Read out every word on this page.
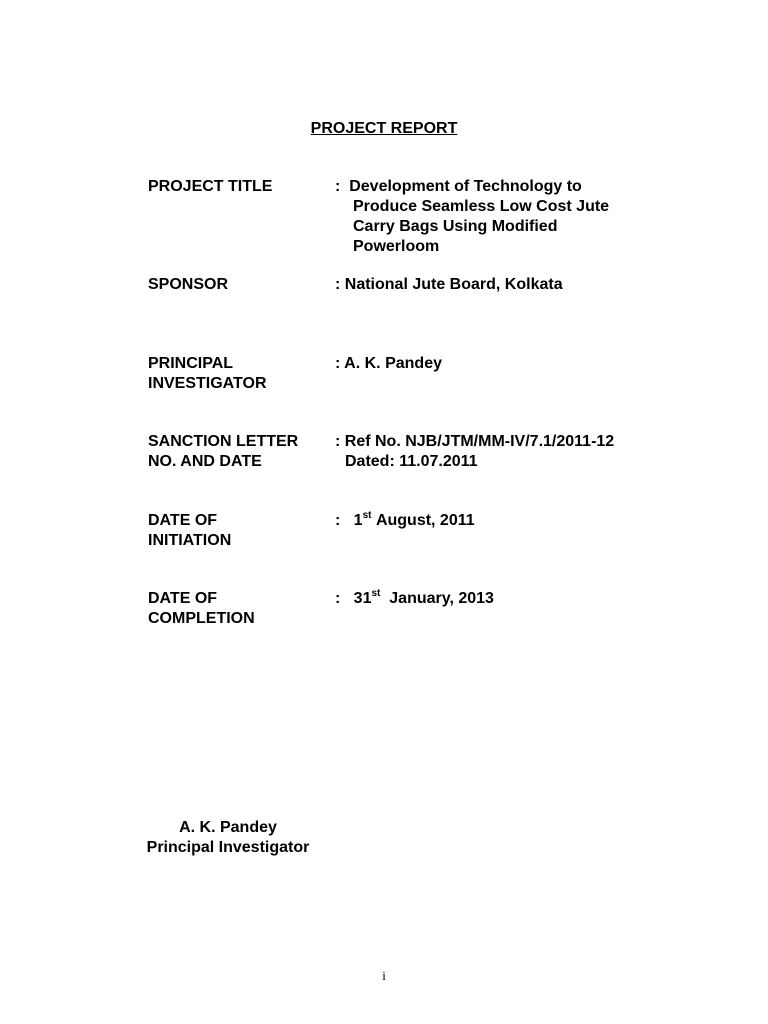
PROJECT REPORT
PROJECT TITLE	: Development of Technology to
Produce Seamless Low Cost Jute
Carry Bags Using Modified
Powerloom
SPONSOR	: National Jute Board, Kolkata
PRINCIPAL
INVESTIGATOR
: A. K. Pandey
SANCTION LETTER
NO. AND DATE
: Ref No. NJB/JTM/MM-IV/7.1/2011-12
Dated: 11.07.2011
DATE OF
INITIATION
: 1st August, 2011
DATE OF
COMPLETION
: 31st January, 2013
A. K. Pandey
Principal Investigator
i
